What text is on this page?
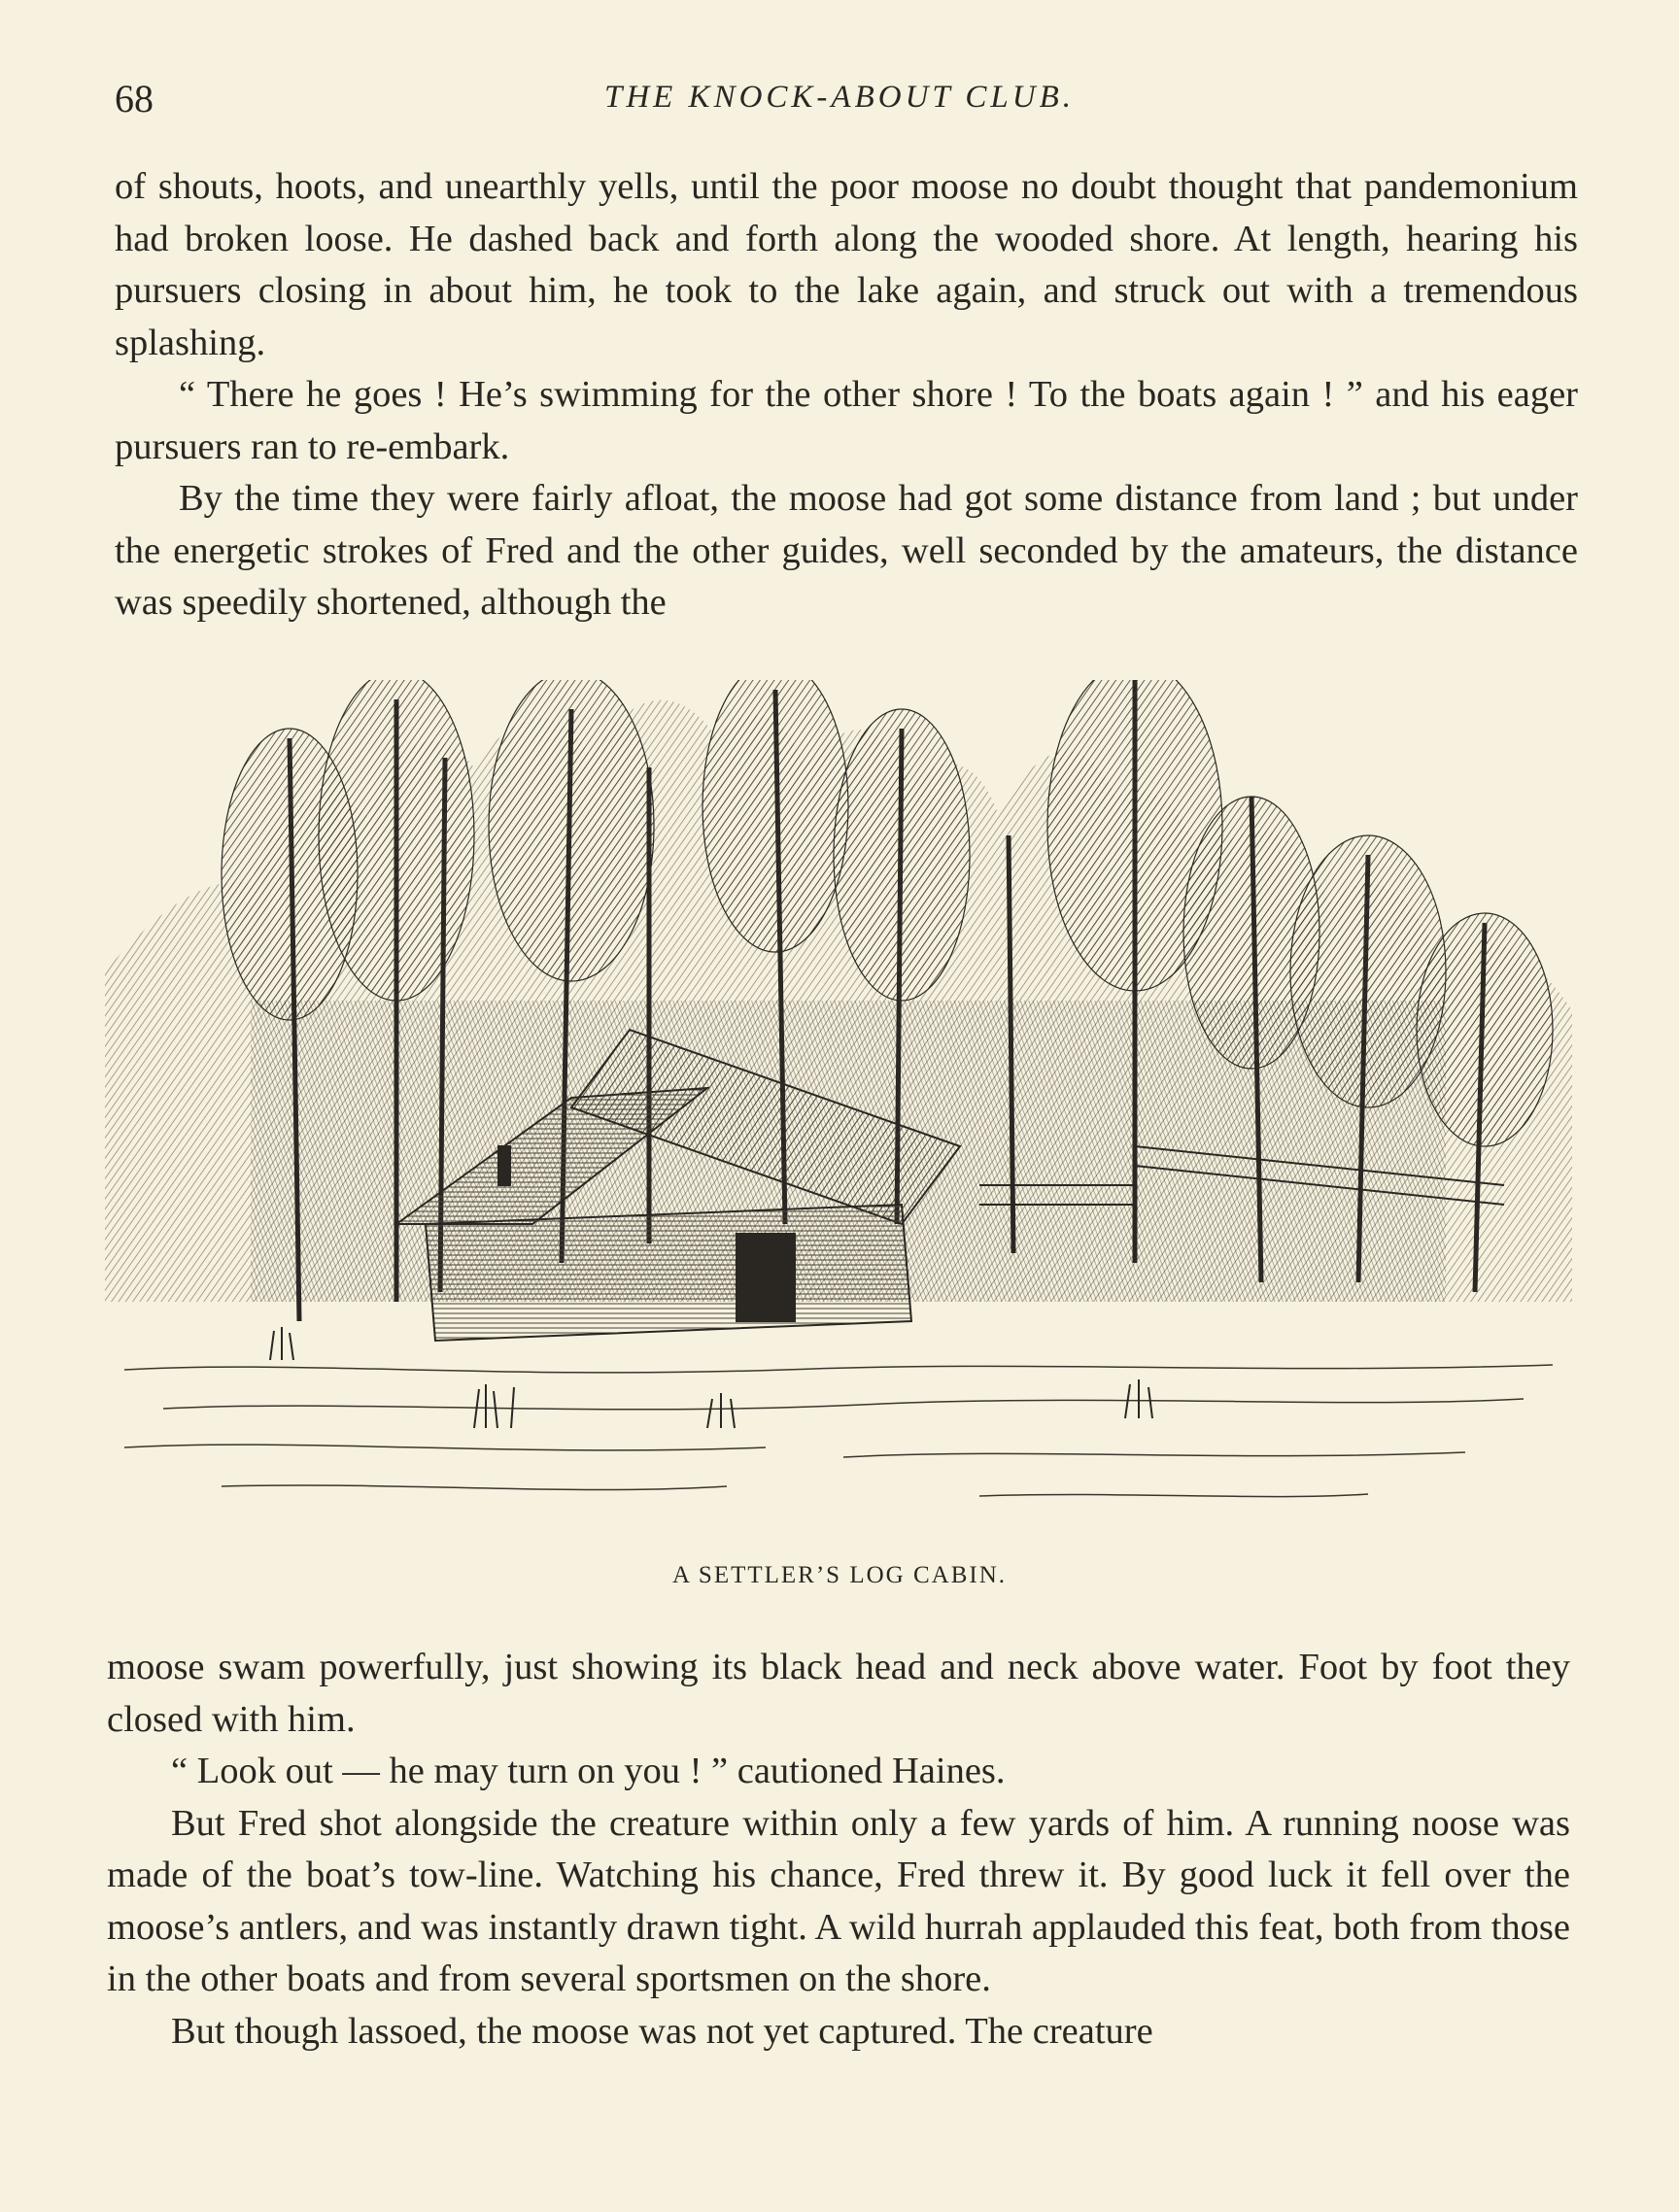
68	THE KNOCK-ABOUT CLUB.

of shouts, hoots, and unearthly yells, until the poor moose no doubt thought that pandemonium had broken loose. He dashed back and forth along the wooded shore. At length, hearing his pursuers closing in about him, he took to the lake again, and struck out with a tremendous splashing.

“ There he goes ! He’s swimming for the other shore ! To the boats again ! ” and his eager pursuers ran to re-embark.

By the time they were fairly afloat, the moose had got some distance from land ; but under the energetic strokes of Fred and the other guides, well seconded by the amateurs, the distance was speedily shortened, although the

A SETTLER’S LOG CABIN.

moose swam powerfully, just showing its black head and neck above water. Foot by foot they closed with him.

“ Look out — he may turn on you ! ” cautioned Haines.

But Fred shot alongside the creature within only a few yards of him. A running noose was made of the boat’s tow-line. Watching his chance, Fred threw it. By good luck it fell over the moose’s antlers, and was instantly drawn tight. A wild hurrah applauded this feat, both from those in the other boats and from several sportsmen on the shore.

But though lassoed, the moose was not yet captured. The creature
